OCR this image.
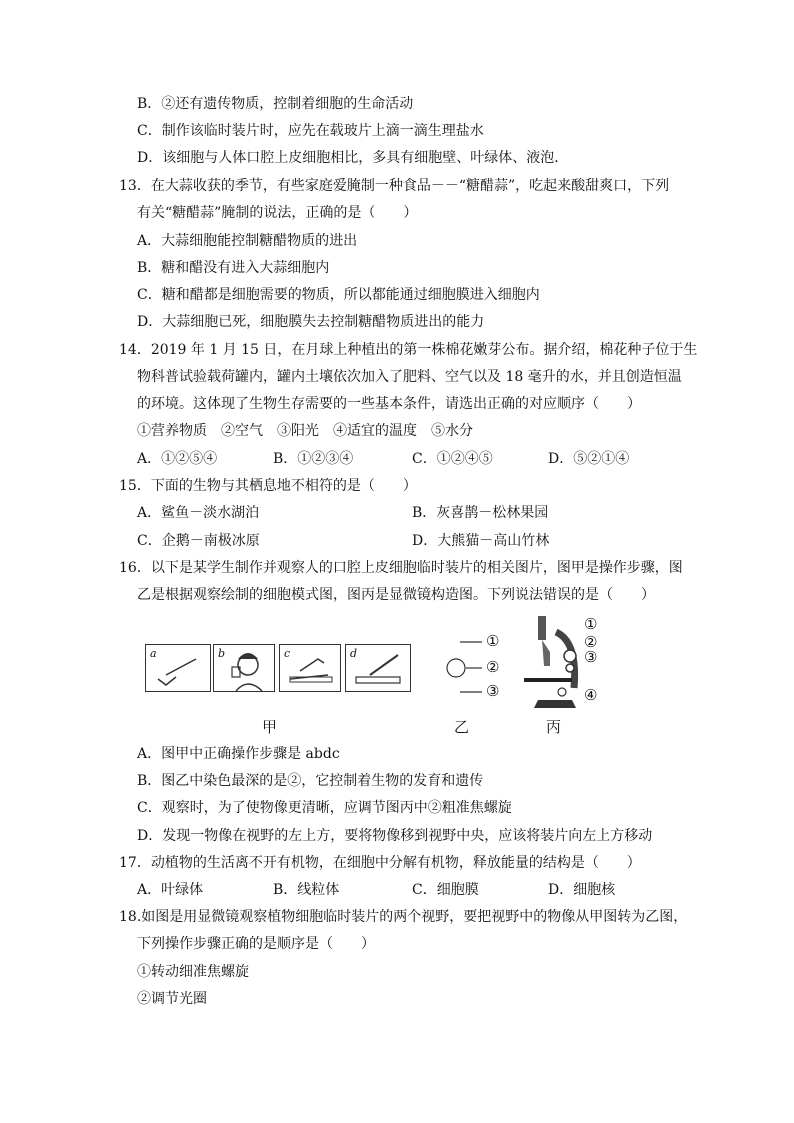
B．②还有遗传物质，控制着细胞的生命活动
C．制作该临时装片时，应先在载玻片上滴一滴生理盐水
D．该细胞与人体口腔上皮细胞相比，多具有细胞壁、叶绿体、液泡．
13．在大蒜收获的季节，有些家庭爱腌制一种食品－－“糖醋蒜”，吃起来酸甜爽口，下列
有关“糖醋蒜”腌制的说法，正确的是（　　）
A．大蒜细胞能控制糖醋物质的进出
B．糖和醋没有进入大蒜细胞内
C．糖和醋都是细胞需要的物质，所以都能通过细胞膜进入细胞内
D．大蒜细胞已死，细胞膜失去控制糖醋物质进出的能力
14．2019 年 1 月 15 日，在月球上种植出的第一株棉花嫩芽公布。据介绍，棉花种子位于生
物科普试验载荷罐内，罐内土壤依次加入了肥料、空气以及 18 毫升的水，并且创造恒温
的环境。这体现了生物生存需要的一些基本条件，请选出正确的对应顺序（　　）
①营养物质　②空气　③阳光　④适宜的温度　⑤水分
A．①②⑤④	B．①②③④	C．①②④⑤	D．⑤②①④
15．下面的生物与其栖息地不相符的是（　　）
A．鲨鱼－淡水湖泊	B．灰喜鹊－松林果园
C．企鹅－南极冰原	D．大熊猫－高山竹林
16．以下是某学生制作并观察人的口腔上皮细胞临时装片的相关图片，图甲是操作步骤，图
乙是根据观察绘制的细胞模式图，图丙是显微镜构造图。下列说法错误的是（　　）
a	b	c	d
①
②
③
①
②
③
④
甲	乙	丙
A．图甲中正确操作步骤是 abdc
B．图乙中染色最深的是②，它控制着生物的发育和遗传
C．观察时，为了使物像更清晰，应调节图丙中②粗准焦螺旋
D．发现一物像在视野的左上方，要将物像移到视野中央，应该将装片向左上方移动
17．动植物的生活离不开有机物，在细胞中分解有机物，释放能量的结构是（　　）
A．叶绿体	B．线粒体	C．细胞膜	D．细胞核
18.如图是用显微镜观察植物细胞临时装片的两个视野，要把视野中的物像从甲图转为乙图，
下列操作步骤正确的是顺序是（　　）
①转动细准焦螺旋
②调节光圈
